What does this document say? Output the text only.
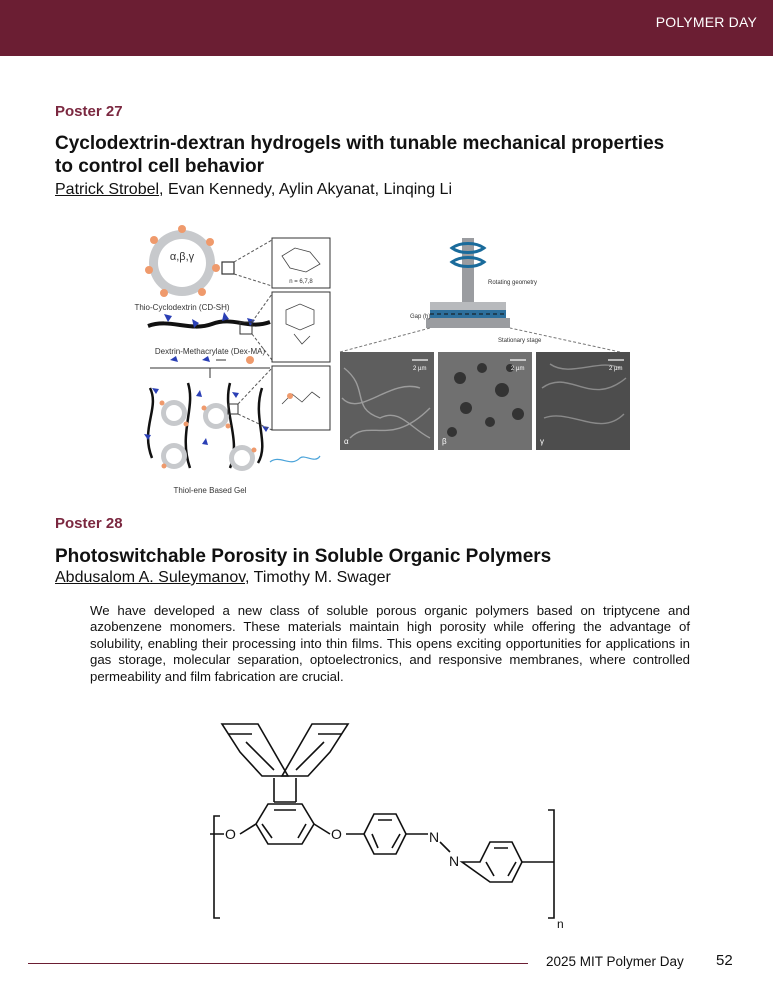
POLYMER DAY
Poster 27
Cyclodextrin-dextran hydrogels with tunable mechanical properties
to control cell behavior
Patrick Strobel, Evan Kennedy, Aylin Akyanat, Linqing Li
α,β,γ
Thio-Cyclodextrin (CD-SH)
n = 6,7,8
Dextrin-Methacrylate (Dex-MA)
Thiol-ene Based Gel
Rotating geometry
Gap (h)
Stationary stage
2 µm
α
2 µm
β
2 µm
γ
Poster 28
Photoswitchable Porosity in Soluble Organic Polymers
Abdusalom A. Suleymanov, Timothy M. Swager
We have developed a new class of soluble porous organic polymers based on triptycene and azobenzene monomers. These materials maintain high porosity while offering the advantage of solubility, enabling their processing into thin films. This opens exciting opportunities for applications in gas storage, molecular separation, optoelectronics, and responsive membranes, where controlled permeability and film fabrication are crucial.
O	O	N
N
n
2025 MIT Polymer Day 52
